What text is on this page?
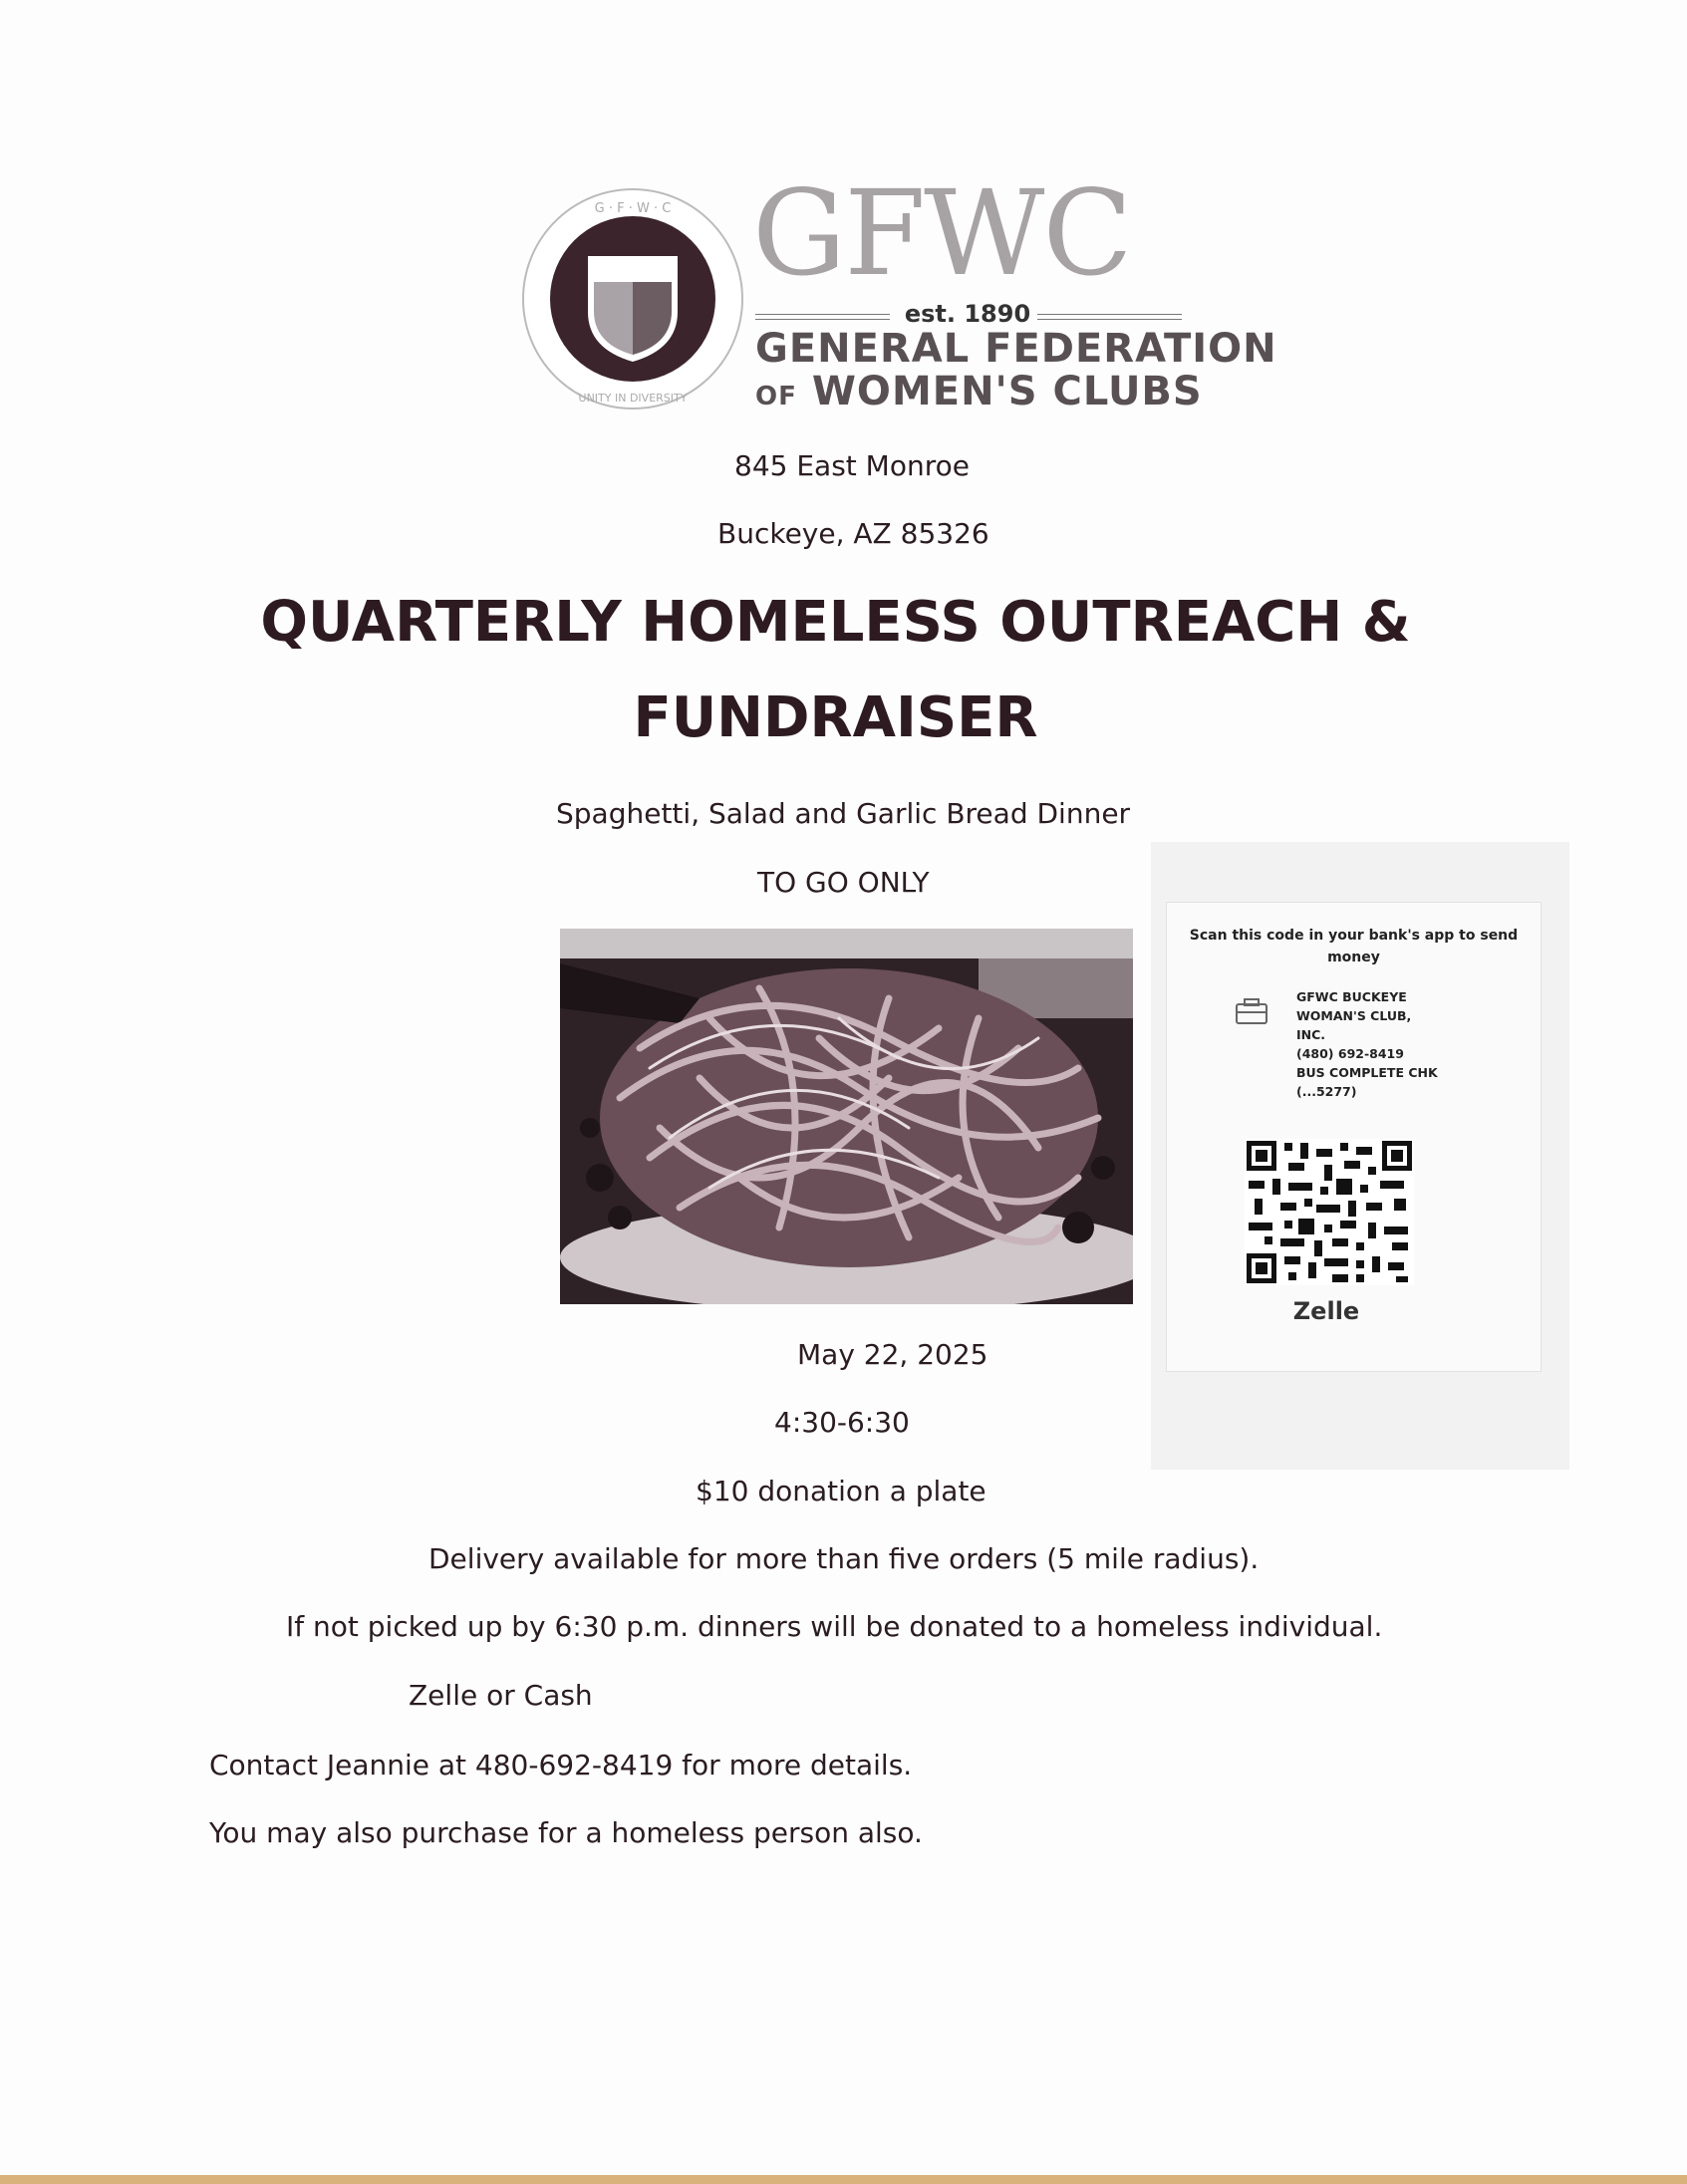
G · F · W · C
UNITY IN DIVERSITY
GFWC
est. 1890
GENERAL FEDERATION
OF WOMEN'S CLUBS
845 East Monroe
Buckeye, AZ 85326
QUARTERLY HOMELESS OUTREACH &
FUNDRAISER
Spaghetti, Salad and Garlic Bread Dinner
TO GO ONLY
Scan this code in your bank's app to send money
GFWC BUCKEYE
WOMAN'S CLUB,
INC.
(480) 692-8419
BUS COMPLETE CHK
(...5277)
Zelle
May 22, 2025
4:30-6:30
$10 donation a plate
Delivery available for more than five orders (5 mile radius).
If not picked up by 6:30 p.m. dinners will be donated to a homeless individual.
Zelle or Cash
Contact Jeannie at 480-692-8419 for more details.
You may also purchase for a homeless person also.
